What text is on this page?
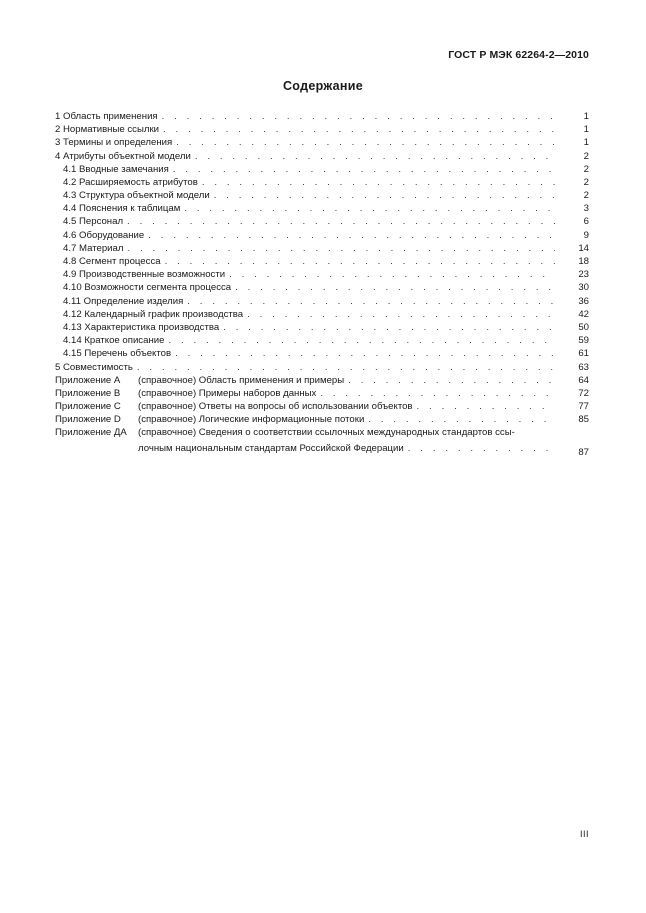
ГОСТ Р МЭК 62264-2—2010
Содержание
1 Область применения . . .	1
2 Нормативные ссылки . . .	1
3 Термины и определения . . .	1
4 Атрибуты объектной модели . . .	2
4.1 Вводные замечания . . .	2
4.2 Расширяемость атрибутов . . .	2
4.3 Структура объектной модели . . .	2
4.4 Пояснения к таблицам . . .	3
4.5 Персонал . . .	6
4.6 Оборудование . . .	9
4.7 Материал . . .	14
4.8 Сегмент процесса . . .	18
4.9 Производственные возможности . . .	23
4.10 Возможности сегмента процесса . . .	30
4.11 Определение изделия . . .	36
4.12 Календарный график производства . . .	42
4.13 Характеристика производства . . .	50
4.14 Краткое описание . . .	59
4.15 Перечень объектов . . .	61
5 Совместимость . . .	63
Приложение А (справочное) Область применения и примеры . . .	64
Приложение В (справочное) Примеры наборов данных . . .	72
Приложение С (справочное) Ответы на вопросы об использовании объектов . . .	77
Приложение D (справочное) Логические информационные потоки . . .	85
Приложение ДА	(справочное) Сведения о соответствии ссылочных международных стандартов ссы-
лочным национальным стандартам Российской Федерации . . .	87
III
